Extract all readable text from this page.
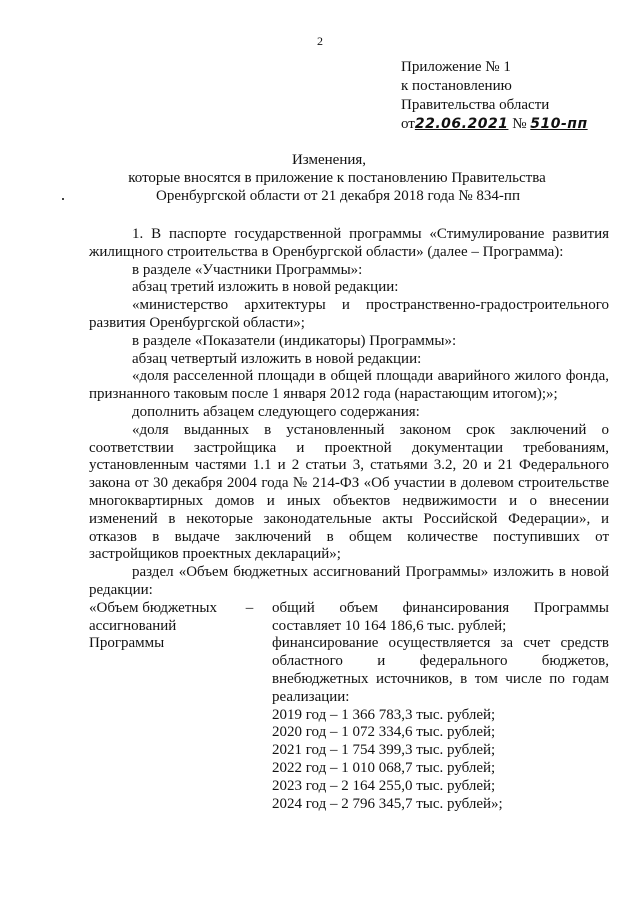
2
Приложение № 1
к постановлению
Правительства области
от22.06.2021 № 510-пп
Изменения,
которые вносятся в приложение к постановлению Правительства
Оренбургской области от 21 декабря 2018 года № 834-пп

1. В паспорте государственной программы «Стимулирование развития жилищного строительства в Оренбургской области» (далее – Программа):

в разделе «Участники Программы»:

абзац третий изложить в новой редакции:

«министерство архитектуры и пространственно-градостроительного развития Оренбургской области»;

в разделе «Показатели (индикаторы) Программы»:

абзац четвертый изложить в новой редакции:

«доля расселенной площади в общей площади аварийного жилого фонда, признанного таковым после 1 января 2012 года (нарастающим итогом);»;

дополнить абзацем следующего содержания:

«доля выданных в установленный законом срок заключений о соответствии застройщика и проектной документации требованиям, установленным частями 1.1 и 2 статьи 3, статьями 3.2, 20 и 21 Федерального закона от 30 декабря 2004 года № 214-ФЗ «Об участии в долевом строительстве многоквартирных домов и иных объектов недвижимости и о внесении изменений в некоторые законодательные акты Российской Федерации», и отказов в выдаче заключений в общем количестве поступивших от застройщиков проектных деклараций»;

раздел «Объем бюджетных ассигнований Программы» изложить в новой редакции:

«Объем бюджетных
ассигнований
Программы
–	общий объем финансирования Программы составляет 10 164 186,6 тыс. рублей;

финансирование осуществляется за счет средств областного и федерального бюджетов, внебюджетных источников, в том числе по годам реализации:

2019 год – 1 366 783,3 тыс. рублей;

2020 год – 1 072 334,6 тыс. рублей;

2021 год – 1 754 399,3 тыс. рублей;

2022 год – 1 010 068,7 тыс. рублей;

2023 год – 2 164 255,0 тыс. рублей;

2024 год – 2 796 345,7 тыс. рублей»;
